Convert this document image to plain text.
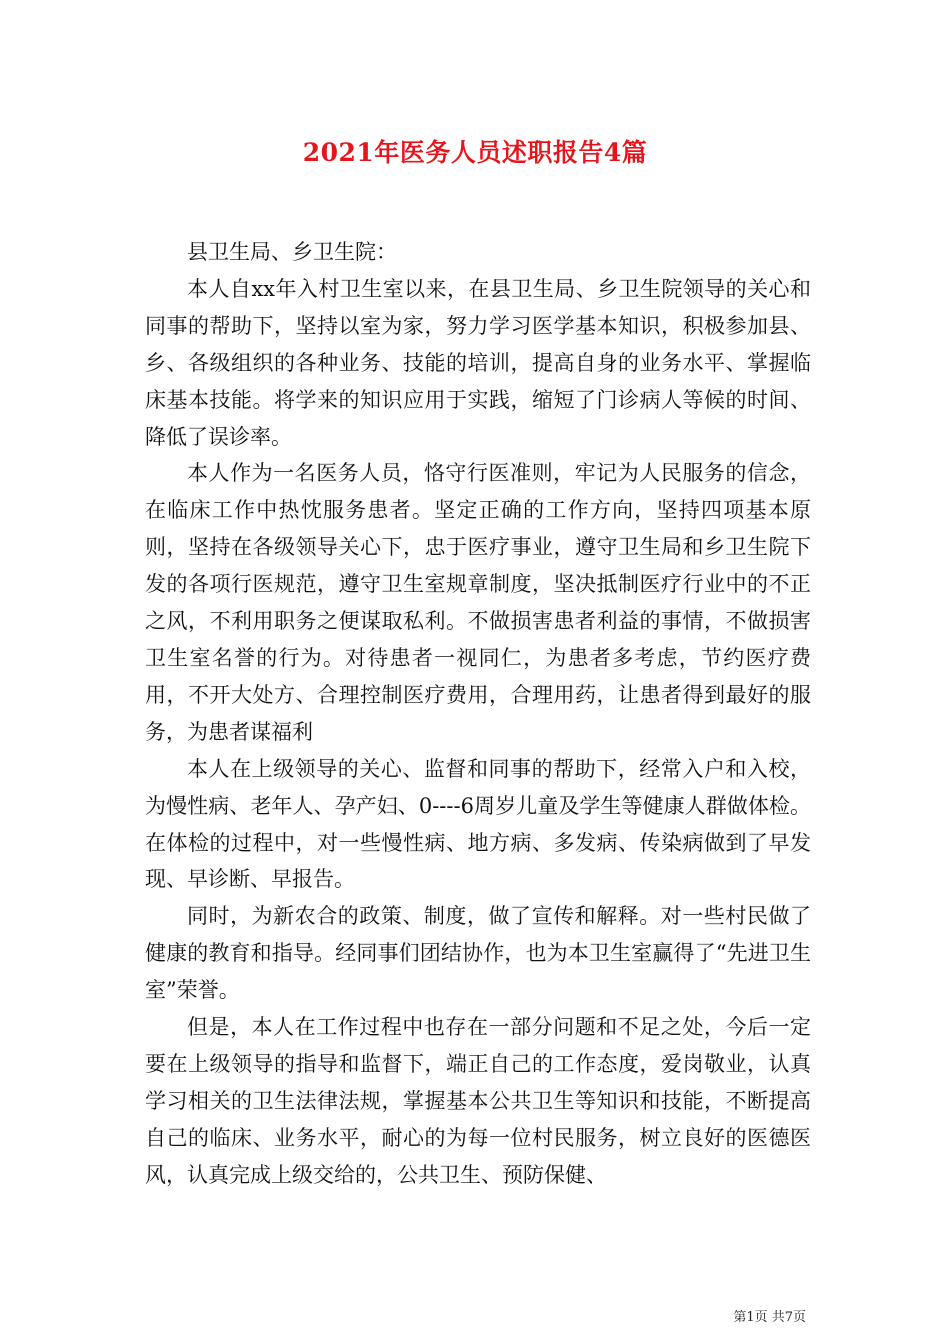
2021年医务人员述职报告4篇

县卫生局、乡卫生院：

本人自xx年入村卫生室以来，在县卫生局、乡卫生院领导的关心和同事的帮助下，坚持以室为家，努力学习医学基本知识，积极参加县、乡、各级组织的各种业务、技能的培训，提高自身的业务水平、掌握临床基本技能。将学来的知识应用于实践，缩短了门诊病人等候的时间、降低了误诊率。

本人作为一名医务人员，恪守行医准则，牢记为人民服务的信念，在临床工作中热忱服务患者。坚定正确的工作方向，坚持四项基本原则，坚持在各级领导关心下，忠于医疗事业，遵守卫生局和乡卫生院下发的各项行医规范，遵守卫生室规章制度，坚决抵制医疗行业中的不正之风，不利用职务之便谋取私利。不做损害患者利益的事情，不做损害卫生室名誉的行为。对待患者一视同仁，为患者多考虑，节约医疗费用，不开大处方、合理控制医疗费用，合理用药，让患者得到最好的服务，为患者谋福利

本人在上级领导的关心、监督和同事的帮助下，经常入户和入校，为慢性病、老年人、孕产妇、0----6周岁儿童及学生等健康人群做体检。在体检的过程中，对一些慢性病、地方病、多发病、传染病做到了早发现、早诊断、早报告。

同时，为新农合的政策、制度，做了宣传和解释。对一些村民做了健康的教育和指导。经同事们团结协作，也为本卫生室赢得了“先进卫生室”荣誉。

但是，本人在工作过程中也存在一部分问题和不足之处，今后一定要在上级领导的指导和监督下，端正自己的工作态度，爱岗敬业，认真学习相关的卫生法律法规，掌握基本公共卫生等知识和技能，不断提高自己的临床、业务水平，耐心的为每一位村民服务，树立良好的医德医风，认真完成上级交给的，公共卫生、预防保健、

第1页 共7页
